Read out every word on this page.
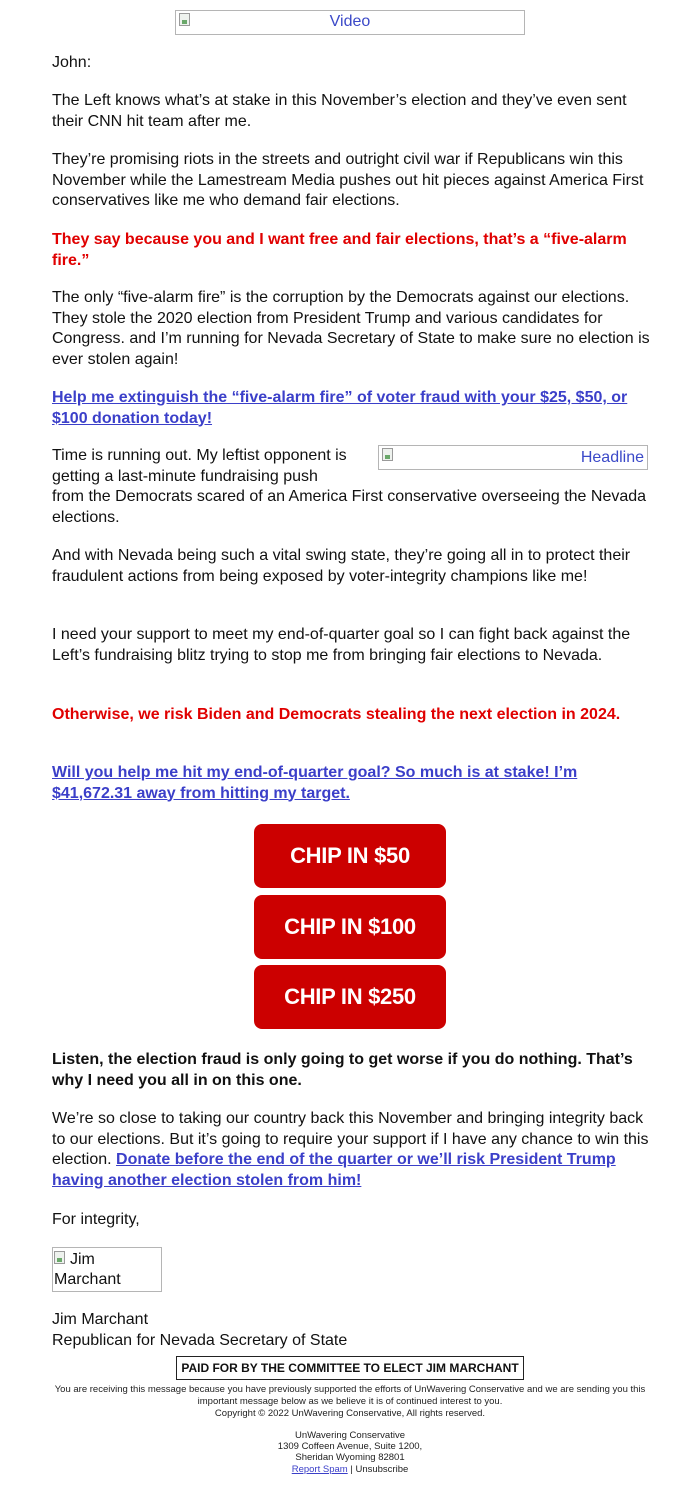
Video

John:

The Left knows what’s at stake in this November’s election and they’ve even sent their CNN hit team after me.

They’re promising riots in the streets and outright civil war if Republicans win this November while the Lamestream Media pushes out hit pieces against America First conservatives like me who demand fair elections.

They say because you and I want free and fair elections, that’s a “five-alarm fire.”

The only “five-alarm fire” is the corruption by the Democrats against our elections. They stole the 2020 election from President Trump and various candidates for Congress. and I’m running for Nevada Secretary of State to make sure no election is ever stolen again!

Help me extinguish the “five-alarm fire” of voter fraud with your $25, $50, or $100 donation today!

Headline

Time is running out. My leftist opponent is getting a last-minute fundraising push

from the Democrats scared of an America First conservative overseeing the Nevada elections.

And with Nevada being such a vital swing state, they’re going all in to protect their fraudulent actions from being exposed by voter-integrity champions like me!

I need your support to meet my end-of-quarter goal so I can fight back against the Left’s fundraising blitz trying to stop me from bringing fair elections to Nevada.

Otherwise, we risk Biden and Democrats stealing the next election in 2024.

Will you help me hit my end-of-quarter goal? So much is at stake! I’m $41,672.31 away from hitting my target.

CHIP IN $50
CHIP IN $100
CHIP IN $250

Listen, the election fraud is only going to get worse if you do nothing. That’s why I need you all in on this one.

We’re so close to taking our country back this November and bringing integrity back to our elections. But it’s going to require your support if I have any chance to win this election. Donate before the end of the quarter or we’ll risk President Trump having another election stolen from him!

For integrity,

Jim Marchant

Jim Marchant

Republican for Nevada Secretary of State

PAID FOR BY THE COMMITTEE TO ELECT JIM MARCHANT
You are receiving this message because you have previously supported the efforts of UnWavering Conservative and we are sending you this important message below as we believe it is of continued interest to you.
Copyright © 2022 UnWavering Conservative, All rights reserved.
UnWavering Conservative
1309 Coffeen Avenue, Suite 1200,
Sheridan Wyoming 82801
Report Spam | Unsubscribe
